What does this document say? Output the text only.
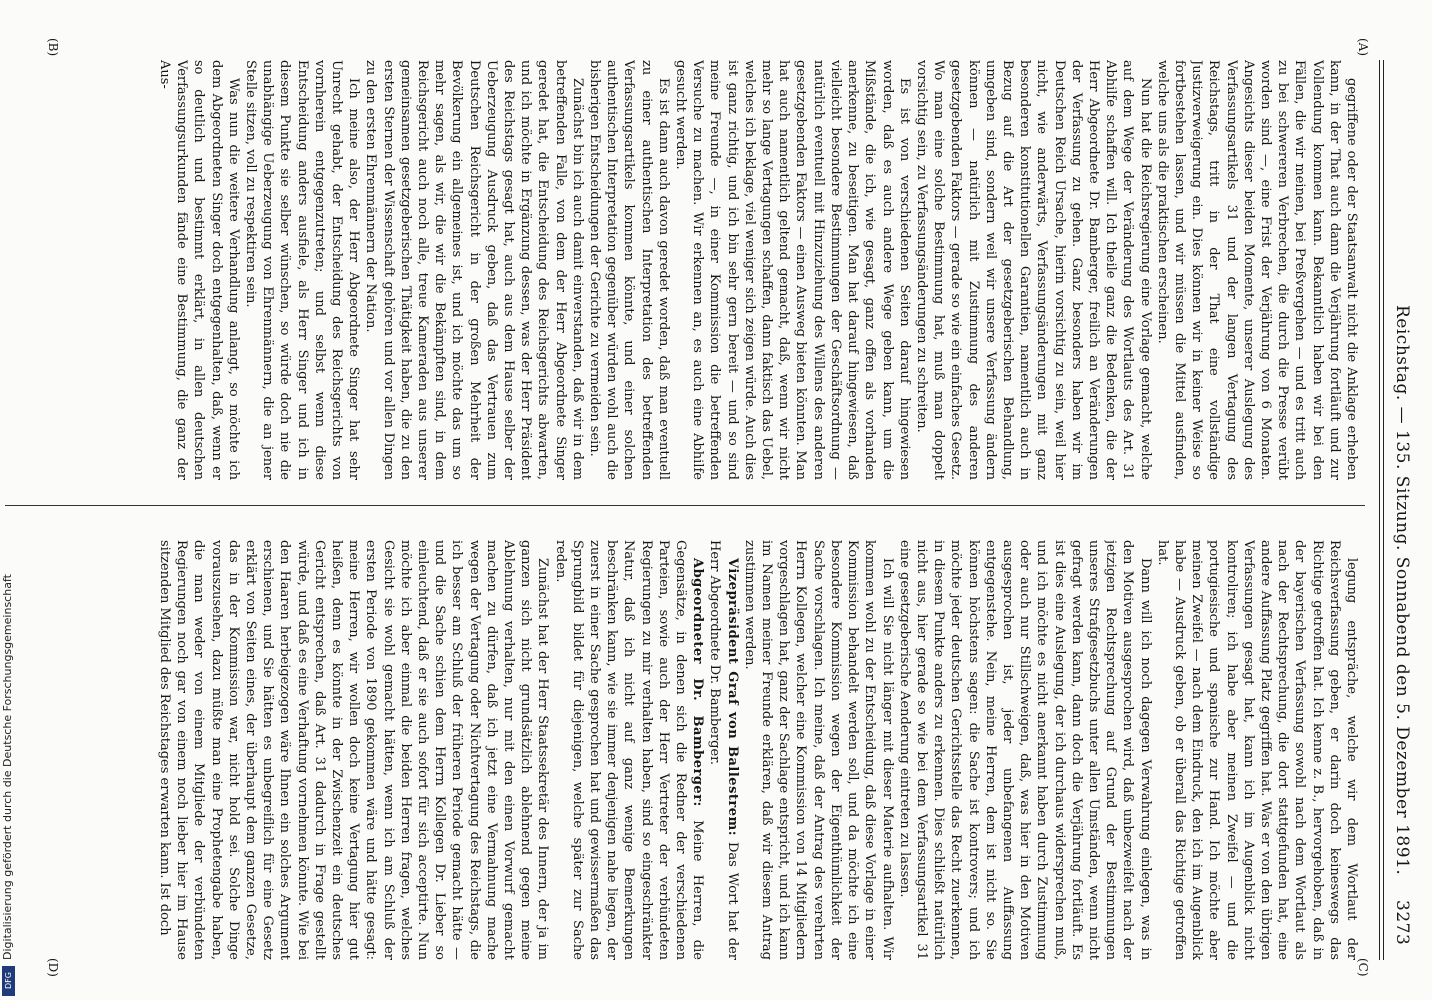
Reichstag. — 135. Sitzung. Sonnabend den 5. Dezember 1891.
3273
(A)
(B)
(C)
(D)

gegriffene oder der Staatsanwalt nicht die Anklage erheben kann, in der That auch dann die Verjährung fortläuft und zur Vollendung kommen kann. Bekanntlich haben wir bei den Fällen, die wir meinen, bei Preßvergehen — und es tritt auch zu bei schwereren Verbrechen, die durch die Presse verübt worden sind —, eine Frist der Verjährung von 6 Monaten. Angesichts dieser beiden Momente, unserer Auslegung des Verfassungsartikels 31 und der langen Vertagung des Reichstags, tritt in der That eine vollständige Justizverweigerung ein. Dies können wir in keiner Weise so fortbestehen lassen, und wir müssen die Mittel ausfinden, welche uns als die praktischen erscheinen.

Nun hat die Reichsregierung eine Vorlage gemacht, welche auf dem Wege der Veränderung des Wortlauts des Art. 31 Abhilfe schaffen will. Ich theile ganz die Bedenken, die der Herr Abgeordnete Dr. Bamberger, freilich an Veränderungen der Verfassung zu gehen. Ganz besonders haben wir im Deutschen Reich Ursache, hierin vorsichtig zu sein, weil hier nicht, wie anderwärts, Verfassungsänderungen mit ganz besonderen konstitutionellen Garantien, namentlich auch in Bezug auf die Art der gesetzgeberischen Behandlung, umgeben sind, sondern weil wir unsere Verfassung ändern können — natürlich mit Zustimmung des anderen gesetzgebenden Faktors — gerade so wie ein einfaches Gesetz. Wo man eine solche Bestimmung hat, muß man doppelt vorsichtig sein, zu Verfassungsänderungen zu schreiten.

Es ist von verschiedenen Seiten darauf hingewiesen worden, daß es auch andere Wege geben kann, um die Mißstände, die ich, wie gesagt, ganz offen als vorhanden anerkenne, zu beseitigen. Man hat darauf hingewiesen, daß vielleicht besondere Bestimmungen der Geschäftsordnung — natürlich eventuell mit Hinzuziehung des Willens des anderen gesetzgebenden Faktors — einen Ausweg bieten könnten. Man hat auch namentlich geltend gemacht, daß, wenn wir nicht mehr so lange Vertagungen schaffen, dann faktisch das Uebel, welches ich beklage, viel weniger sich zeigen würde. Auch dies ist ganz richtig, und ich bin sehr gern bereit — und so sind meine Freunde —, in einer Kommission die betreffenden Versuche zu machen. Wir erkennen an, es auch eine Abhilfe gesucht werden.

Es ist dann auch davon geredet worden, daß man eventuell zu einer authentischen Interpretation des betreffenden Verfassungsartikels kommen könnte, und einer solchen authentischen Interpretation gegenüber würden wohl auch die bisherigen Entscheidungen der Gerichte zu vermeiden sein.

Zunächst bin ich auch damit einverstanden, daß wir in dem betreffenden Falle, von dem der Herr Abgeordnete Singer geredet hat, die Entscheidung des Reichsgerichts abwarten, und ich möchte in Ergänzung dessen, was der Herr Präsident des Reichstags gesagt hat, auch aus dem Hause selber der Ueberzeugung Ausdruck geben, daß das Vertrauen zum Deutschen Reichsgericht in der großen Mehrheit der Bevölkerung ein allgemeines ist, und ich möchte das um so mehr sagen, als wir, die wir die Bekämpften sind, in dem Reichsgericht auch noch alle, treue Kameraden aus unserer gemeinsamen gesetzgeberischen Thätigkeit haben, die zu den ersten Sternen der Wissenschaft gehören und vor allen Dingen zu den ersten Ehrenmännern der Nation.

Ich meine also, der Herr Abgeordnete Singer hat sehr Unrecht gehabt, der Entscheidung des Reichsgerichts von vornherein entgegenzutreten; und selbst wenn diese Entscheidung anders ausfiele, als Herr Singer und ich in diesem Punkte sie selber wünschen, so würde doch nie die unabhängige Ueberzeugung von Ehrenmännern, die an jener Stelle sitzen, voll zu respektiren sein.

Was nun die weitere Verhandlung anlangt, so möchte ich dem Abgeordneten Singer doch entgegenhalten, daß, wenn er so deutlich und bestimmt erklärt, in allen deutschen Verfassungsurkunden fände eine Bestimmung, die ganz der Aus-

legung entspräche, welche wir dem Wortlaut der Reichsverfassung geben, er darin doch keineswegs das Richtige getroffen hat. Ich kenne z. B., hervorgehoben, daß in der bayerischen Verfassung sowohl nach dem Wortlaut als nach der Rechtsprechung, die dort stattgefunden hat, eine andere Auffassung Platz gegriffen hat. Was er von den übrigen Verfassungen gesagt hat, kann ich im Augenblick nicht kontroliren; ich habe aber meinen Zweifel — und die portugiesische und spanische zur Hand. Ich möchte aber meinen Zweifel — nach dem Eindruck, den ich im Augenblick habe — Ausdruck geben, ob er überall das Richtige getroffen hat.

Dann will ich noch dagegen Verwahrung einlegen, was in den Motiven ausgesprochen wird, daß unbezweifelt nach der jetzigen Rechtsprechung auf Grund der Bestimmungen unseres Strafgesetzbuchs unter allen Umständen, wenn nicht gefragt werden kann, dann doch die Verjährung fortläuft. Es ist dies eine Auslegung, der ich durchaus widersprechen muß, und ich möchte es nicht anerkannt haben durch Zustimmung oder auch nur Stillschweigen, daß, was hier in den Motiven ausgesprochen ist, jeder unbefangenen Auffassung entgegenstehe. Nein, meine Herren, dem ist nicht so. Sie können höchstens sagen: die Sache ist kontrovers; und ich möchte jeder deutschen Gerichtsstelle das Recht zuerkennen, in diesem Punkte anders zu erkennen. Dies schließt natürlich nicht aus, hier gerade so wie bei dem Verfassungsartikel 31 eine gesetzgeberische Aenderung eintreten zu lassen.

Ich will Sie nicht länger mit dieser Materie aufhalten. Wir kommen wohl zu der Entscheidung, daß diese Vorlage in einer Kommission behandelt werden soll, und da möchte ich eine besondere Kommission wegen der Eigenthümlichkeit der Sache vorschlagen. Ich meine, daß der Antrag des verehrten Herrn Kollegen, welcher eine Kommission von 14 Mitgliedern vorgeschlagen hat, ganz der Sachlage entspricht, und ich kann im Namen meiner Freunde erklären, daß wir diesem Antrag zustimmen werden.

Vizepräsident Graf von Ballestrem: Das Wort hat der Herr Abgeordnete Dr. Bamberger.

Abgeordneter Dr. Bamberger: Meine Herren, die Gegensätze, in denen sich die Redner der verschiedenen Parteien, sowie auch der Herr Vertreter der verbündeten Regierungen zu mir verhalten haben, sind so eingeschränkter Natur, daß ich nicht auf ganz wenige Bemerkungen beschränken kann, wie sie immer denjenigen nahe liegen, der zuerst in einer Sache gesprochen hat und gewissermaßen das Sprungbild bildet für diejenigen, welche später zur Sache reden.

Zunächst hat der Herr Staatssekretär des Innern, der ja im ganzen sich nicht grundsätzlich ablehnend gegen meine Ablehnung verhalten, nur mit den einen Vorwurf gemacht machen zu dürfen, daß ich jetzt eine Vermahnung mache wegen der Vertagung oder Nichtvertagung des Reichstags, die ich besser am Schluß der früheren Periode gemacht hätte — und die Sache schien dem Herrn Kollegen Dr. Lieber so einleuchtend, daß er sie auch sofort für sich acceptirte. Nun möchte ich aber einmal die beiden Herren fragen, welches Gesicht sie wohl gemacht hätten, wenn ich am Schluß der ersten Periode von 1890 gekommen wäre und hätte gesagt: meine Herren, wir wollen doch keine Vertagung hier gut heißen, denn es könnte in der Zwischenzeit ein deutsches Gericht entsprechen, daß Art. 31 dadurch in Frage gestellt würde, und daß es eine Verhaftung vornehmen könnte. Wie bei den Haaren herbeigezogen wäre Ihnen ein solches Argument erschienen, und Sie hätten es unbegreiflich für eine Gesetz erklärt von Seiten eines, der überhaupt dem ganzen Gesetze, das in der Kommission war, nicht hold sei. Solche Dinge vorauszusehen, dazu müßte man eine Prophetengabe haben, die man weder von einem Mitgliede der verbündeten Regierungen noch gar von einem noch lieber hier im Hause sitzenden Mitglied des Reichstages erwarten kann. Ist doch

Digitalisierung gefördert durch die Deutsche Forschungsgemeinschaft
DFG
